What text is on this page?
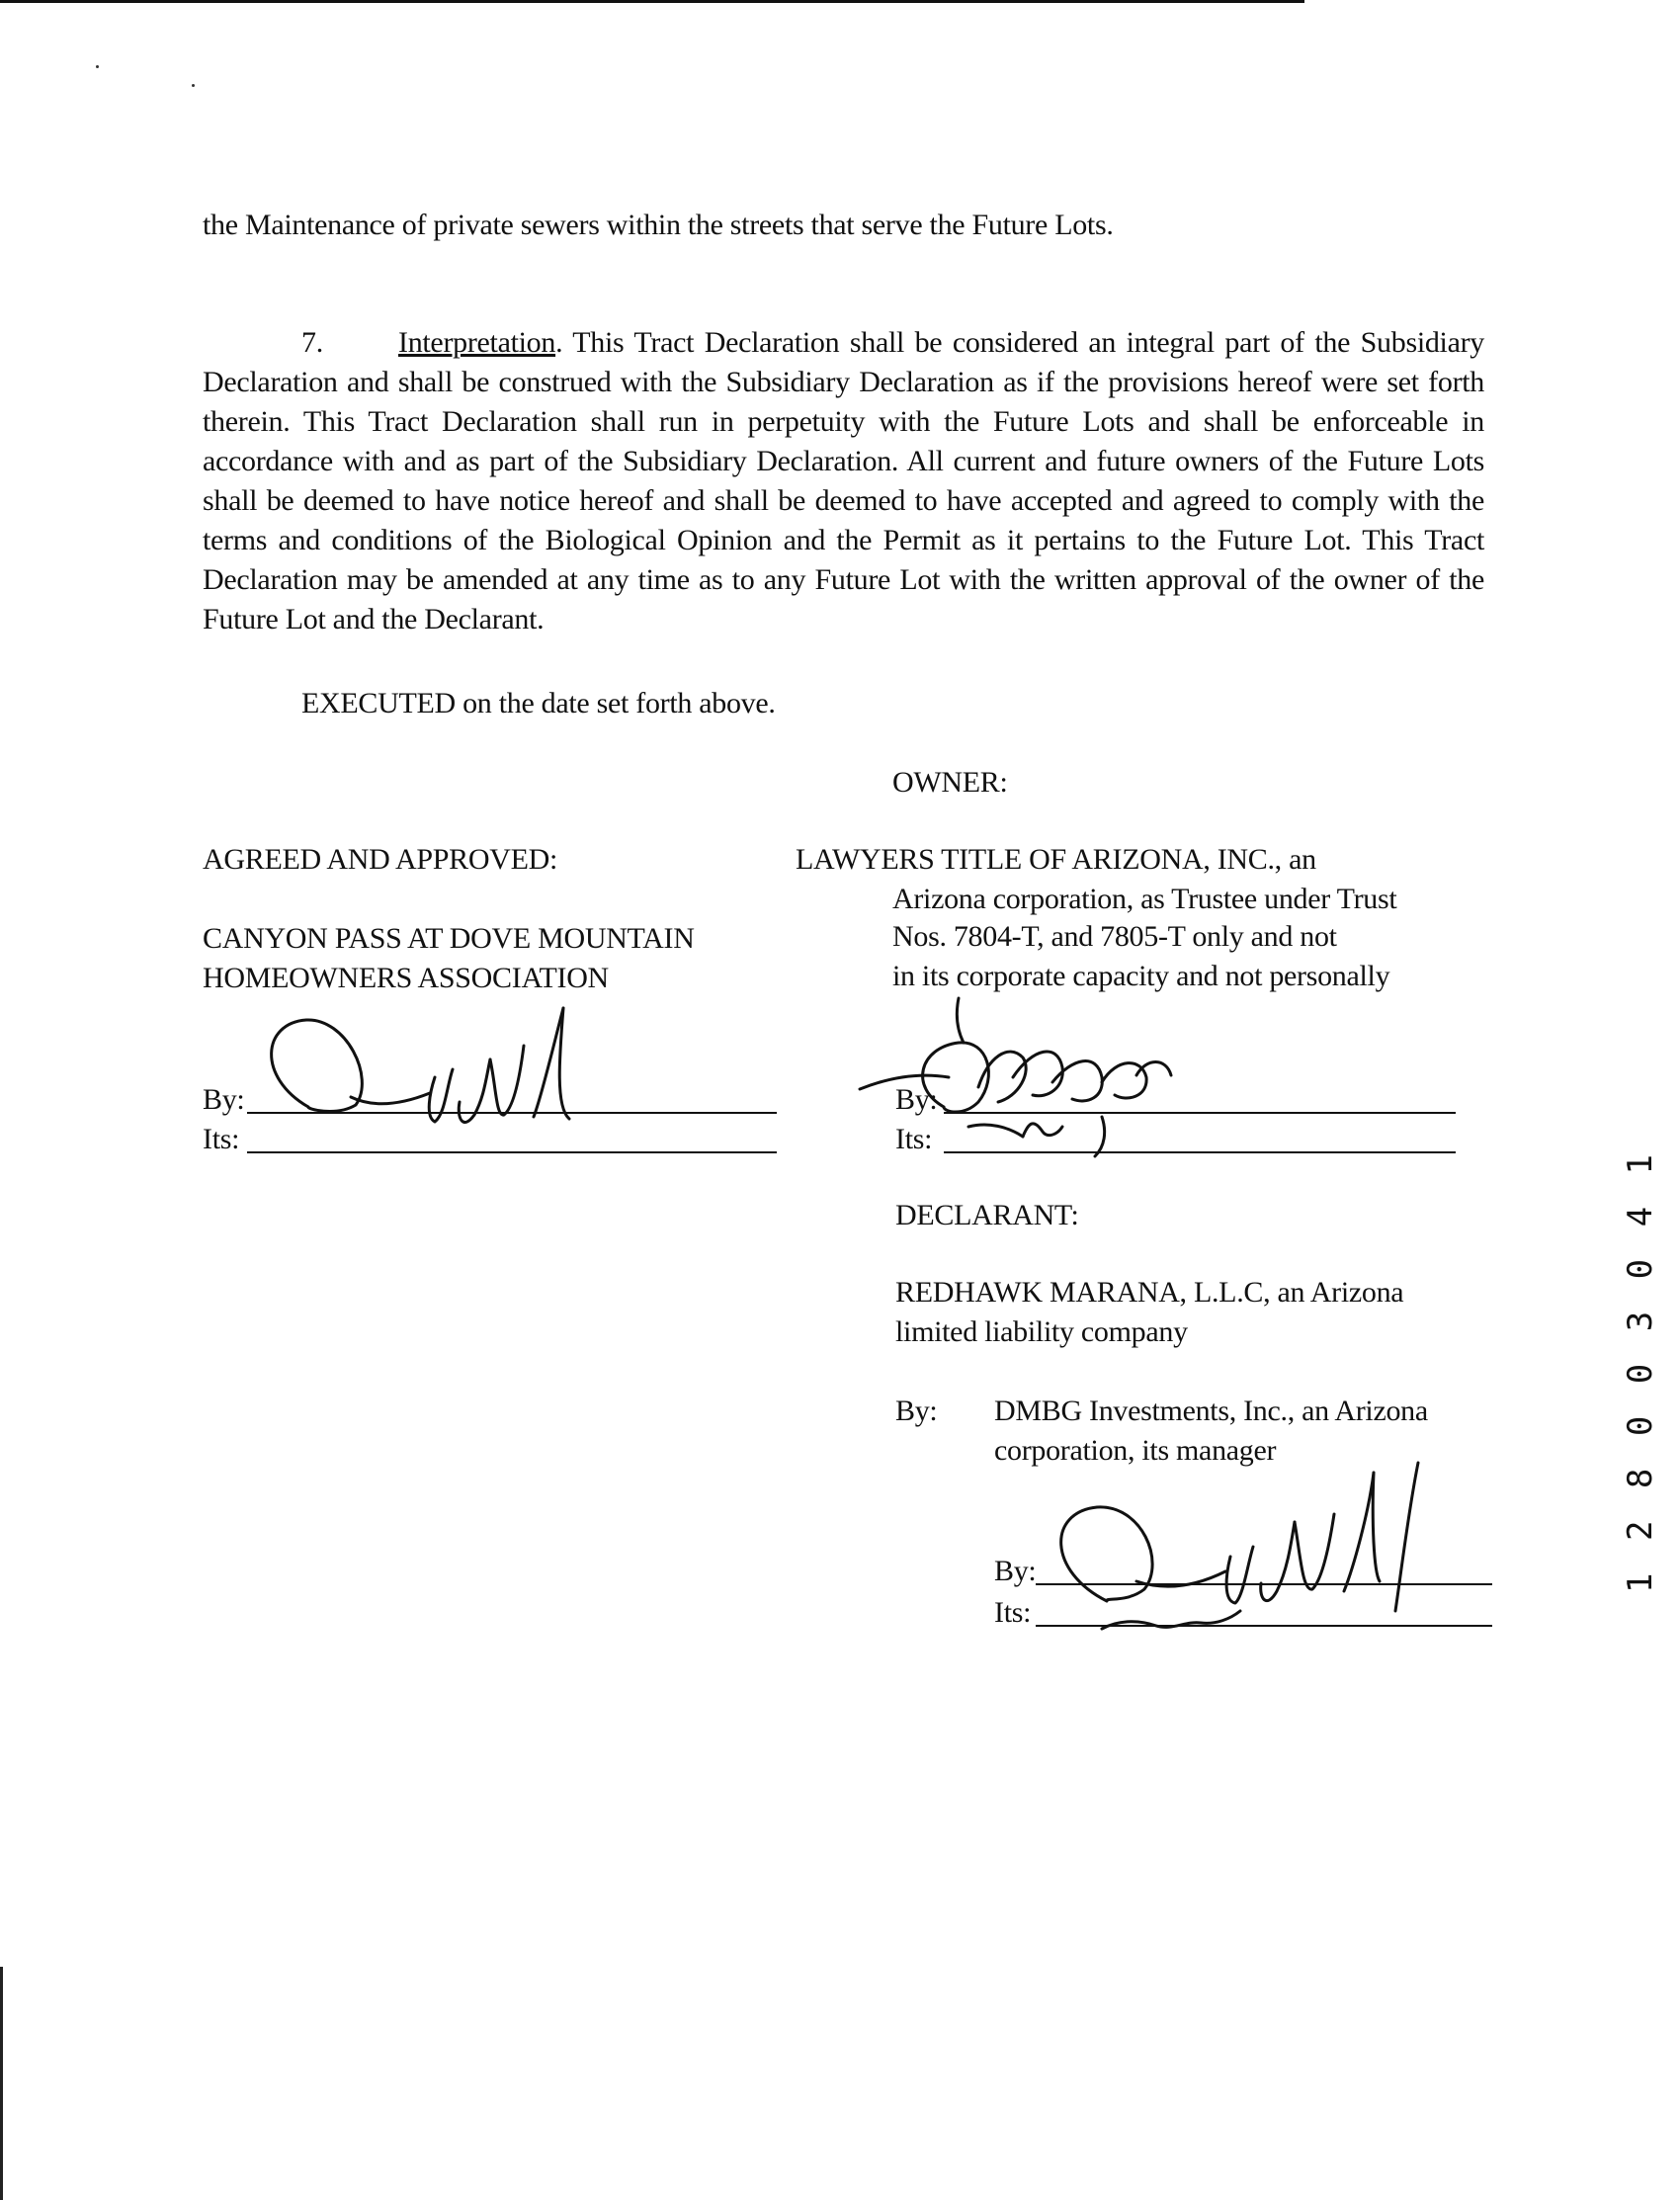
the Maintenance of private sewers within the streets that serve the Future Lots.
7.	Interpretation. This Tract Declaration shall be considered an integral part of the Subsidiary Declaration and shall be construed with the Subsidiary Declaration as if the provisions hereof were set forth therein. This Tract Declaration shall run in perpetuity with the Future Lots and shall be enforceable in accordance with and as part of the Subsidiary Declaration. All current and future owners of the Future Lots shall be deemed to have notice hereof and shall be deemed to have accepted and agreed to comply with the terms and conditions of the Biological Opinion and the Permit as it pertains to the Future Lot. This Tract Declaration may be amended at any time as to any Future Lot with the written approval of the owner of the Future Lot and the Declarant.
EXECUTED on the date set forth above.
OWNER:
LAWYERS TITLE OF ARIZONA, INC., an
Arizona corporation, as Trustee under Trust
Nos. 7804-T, and 7805-T only and not
in its corporate capacity and not personally
By:
Its:
AGREED AND APPROVED:
CANYON PASS AT DOVE MOUNTAIN
HOMEOWNERS ASSOCIATION
By:
Its:
DECLARANT:
REDHAWK MARANA, L.L.C, an Arizona
limited liability company
By: DMBG Investments, Inc., an Arizona
corporation, its manager
By:
Its:
1 2 8 0 0 3 0 4 1
